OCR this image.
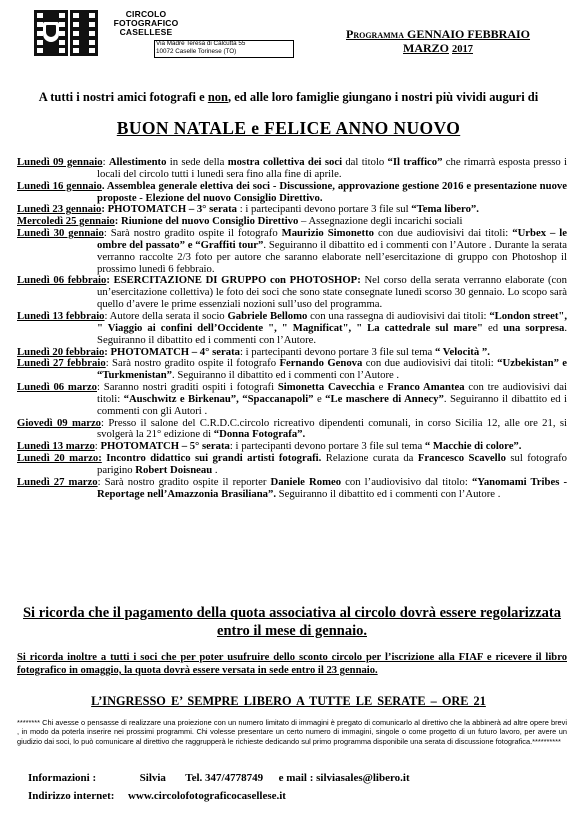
CIRCOLO
FOTOGRAFICO
CASELLESE
Via Madre Teresa di Calcutta 55
10072 Caselle Torinese (TO)
Programma GENNAIO FEBBRAIO
MARZO 2017
A tutti i nostri amici fotografi e non, ed alle loro famiglie giungano i nostri più vividi auguri di
BUON NATALE e FELICE ANNO NUOVO

Lunedì 09 gennaio: Allestimento in sede della mostra collettiva dei soci dal titolo “Il traffico” che rimarrà esposta presso i locali del circolo tutti i lunedì sera fino alla fine di aprile.

Lunedì 16 gennaio. Assemblea generale elettiva dei soci - Discussione, approvazione gestione 2016 e presentazione nuove proposte - Elezione del nuovo Consiglio Direttivo.

Lunedì 23 gennaio: PHOTOMATCH – 3° serata : i partecipanti devono portare 3 file sul “Tema libero”.

Mercoledì 25 gennaio: Riunione del nuovo Consiglio Direttivo – Assegnazione degli incarichi sociali

Lunedì 30 gennaio: Sarà nostro gradito ospite il fotografo Maurizio Simonetto con due audiovisivi dai titoli: “Urbex – le ombre del passato” e “Graffiti tour”. Seguiranno il dibattito ed i commenti con l’Autore . Durante la serata verranno raccolte 2/3 foto per autore che saranno elaborate nell’esercitazione di gruppo con Photoshop il prossimo lunedì 6 febbraio.

Lunedì 06 febbraio: ESERCITAZIONE DI GRUPPO con PHOTOSHOP: Nel corso della serata verranno elaborate (con un’esercitazione collettiva) le foto dei soci che sono state consegnate lunedì scorso 30 gennaio. Lo scopo sarà quello d’avere le prime essenziali nozioni sull’uso del programma.

Lunedì 13 febbraio: Autore della serata il socio Gabriele Bellomo con una rassegna di audiovisivi dai titoli: “London street", " Viaggio ai confini dell’Occidente ", " Magnificat", " La cattedrale sul mare" ed una sorpresa. Seguiranno il dibattito ed i commenti con l’Autore.

Lunedì 20 febbraio: PHOTOMATCH – 4° serata: i partecipanti devono portare 3 file sul tema “ Velocità ”.

Lunedì 27 febbraio: Sarà nostro gradito ospite il fotografo Fernando Genova con due audiovisivi dai titoli: “Uzbekistan” e “Turkmenistan”. Seguiranno il dibattito ed i commenti con l’Autore .

Lunedì 06 marzo: Saranno nostri graditi ospiti i fotografi Simonetta Cavecchia e Franco Amantea con tre audiovisivi dai titoli: “Auschwitz e Birkenau”, “Spaccanapoli” e “Le maschere di Annecy”. Seguiranno il dibattito ed i commenti con gli Autori .

Giovedì 09 marzo: Presso il salone del C.R.D.C.circolo ricreativo dipendenti comunali, in corso Sicilia 12, alle ore 21, si svolgerà la 21° edizione di “Donna Fotografa”.

Lunedì 13 marzo: PHOTOMATCH – 5° serata: i partecipanti devono portare 3 file sul tema “ Macchie di colore”.

Lunedì 20 marzo: Incontro didattico sui grandi artisti fotografi. Relazione curata da Francesco Scavello sul fotografo parigino Robert Doisneau .

Lunedì 27 marzo: Sarà nostro gradito ospite il reporter Daniele Romeo con l’audiovisivo dal titolo: “Yanomami Tribes - Reportage nell’Amazzonia Brasiliana”. Seguiranno il dibattito ed i commenti con l’Autore .

Si ricorda che il pagamento della quota associativa al circolo dovrà essere regolarizzata entro il mese di gennaio.
Si ricorda inoltre a tutti i soci che per poter usufruire dello sconto circolo per l’iscrizione alla FIAF e ricevere il libro fotografico in omaggio, la quota dovrà essere versata in sede entro il 23 gennaio.
L’INGRESSO E’ SEMPRE LIBERO A TUTTE LE SERATE – ORE 21
******** Chi avesse o pensasse di realizzare una proiezione con un numero limitato di immagini è pregato di comunicarlo al direttivo che la abbinerà ad altre opere brevi , in modo da poterla inserire nei prossimi programmi. Chi volesse presentare un certo numero di immagini, singole o come progetto di un futuro lavoro, per avere un giudizio dai soci, lo può comunicare al direttivo che raggrupperà le richieste dedicando sul primo programma disponibile una serata di discussione fotografica.**********
Informazioni :	Silvia Tel. 347/4778749 e mail : silviasales@libero.it
Indirizzo internet: www.circolofotograficocasellese.it
